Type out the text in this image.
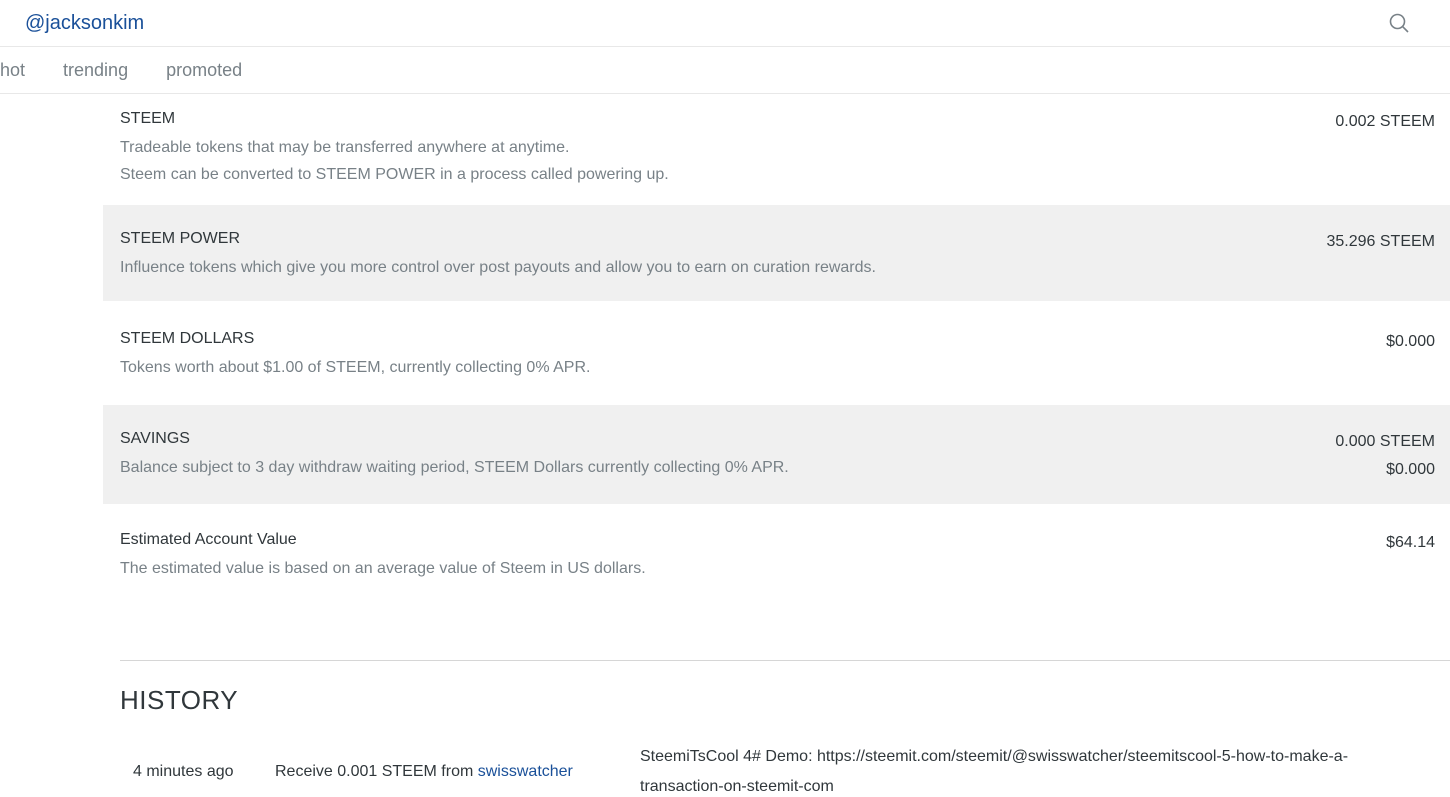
@jacksonkim
hot trending promoted
STEEM
Tradeable tokens that may be transferred anywhere at anytime.
Steem can be converted to STEEM POWER in a process called powering up.
0.002 STEEM
STEEM POWER
Influence tokens which give you more control over post payouts and allow you to earn on curation rewards.
35.296 STEEM
STEEM DOLLARS
Tokens worth about $1.00 of STEEM, currently collecting 0% APR.
$0.000
SAVINGS
Balance subject to 3 day withdraw waiting period, STEEM Dollars currently collecting 0% APR.
0.000 STEEM
$0.000
Estimated Account Value
The estimated value is based on an average value of Steem in US dollars.
$64.14
HISTORY
4 minutes ago	Receive 0.001 STEEM from swisswatcher
SteemiTsCool 4# Demo: https://steemit.com/steemit/@swisswatcher/steemitscool-5-how-to-make-a-transaction-on-steemit-com
